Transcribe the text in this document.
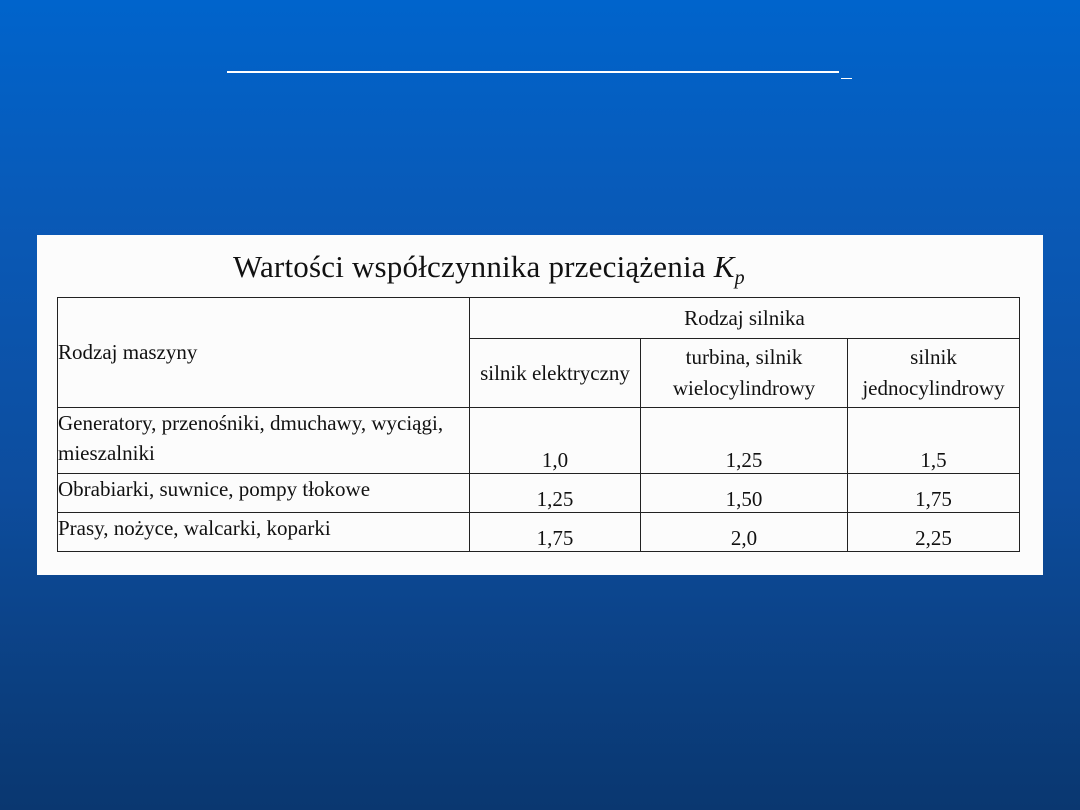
Wartości współczynnika przeciążenia $K_p$
Rodzaj maszyny	Rodzaj silnika		
	silnik elektryczny	turbina, silnik wielocylindrowy	silnik jednocylindrowy
Generatory, przenośniki, dmuchawy, wyciągi, mieszalniki	1,0	1,25	1,5
Obrabiarki, suwnice, pompy tłokowe	1,25	1,50	1,75
Prasy, nożyce, walcarki, koparki	1,75	2,0	2,25
